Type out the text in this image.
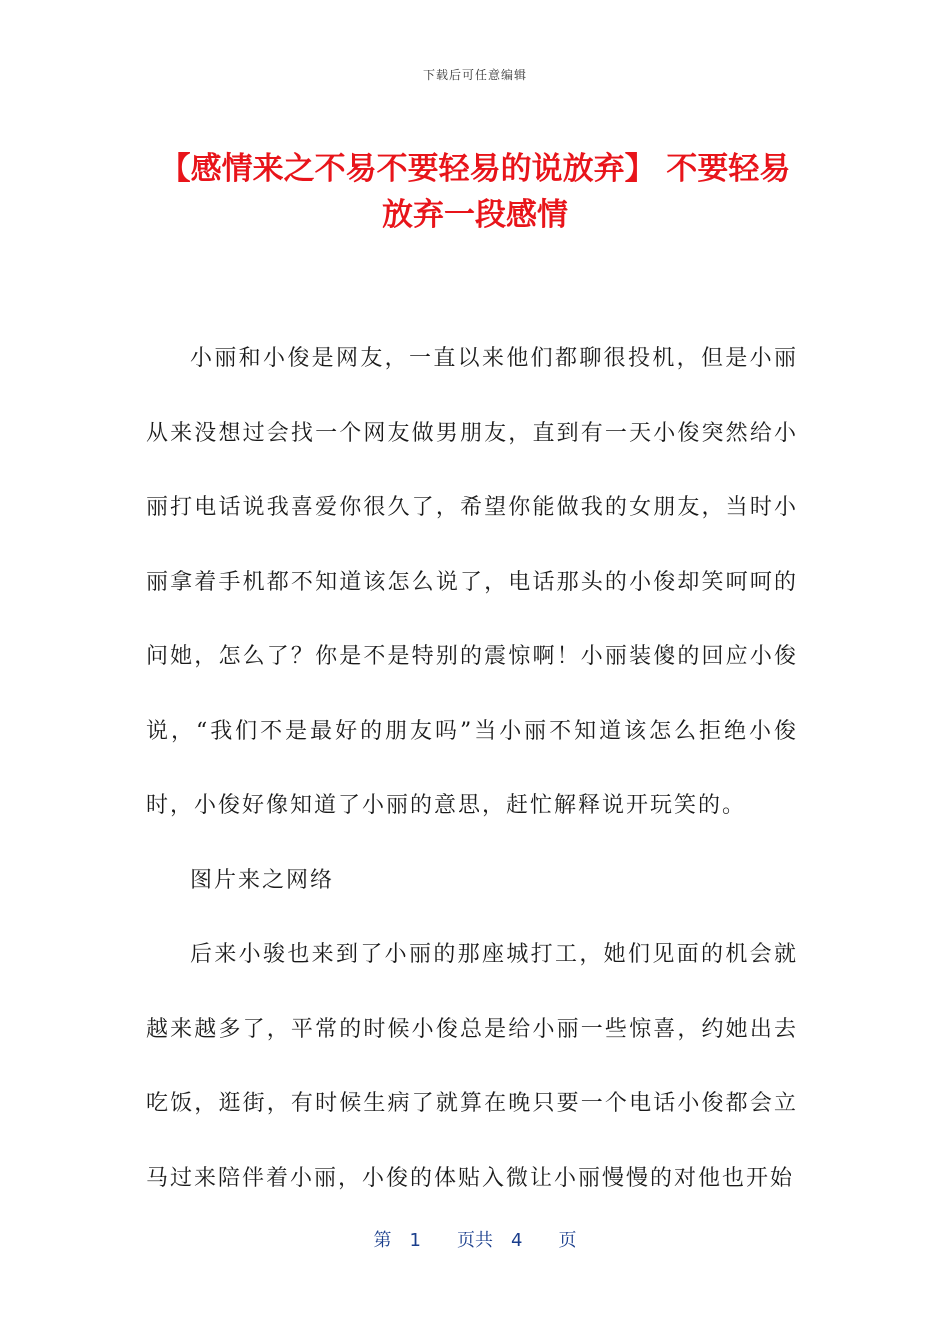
下载后可任意编辑
【感情来之不易不要轻易的说放弃】 不要轻易放弃一段感情

小丽和小俊是网友，一直以来他们都聊很投机，但是小丽从来没想过会找一个网友做男朋友，直到有一天小俊突然给小丽打电话说我喜爱你很久了，希望你能做我的女朋友，当时小丽拿着手机都不知道该怎么说了，电话那头的小俊却笑呵呵的问她，怎么了？你是不是特别的震惊啊！小丽装傻的回应小俊说，“我们不是最好的朋友吗”当小丽不知道该怎么拒绝小俊时，小俊好像知道了小丽的意思，赶忙解释说开玩笑的。

图片来之网络

后来小骏也来到了小丽的那座城打工，她们见面的机会就越来越多了，平常的时候小俊总是给小丽一些惊喜，约她出去吃饭，逛街，有时候生病了就算在晚只要一个电话小俊都会立马过来陪伴着小丽，小俊的体贴入微让小丽慢慢的对他也开始

第　1　　页共　4　　页
